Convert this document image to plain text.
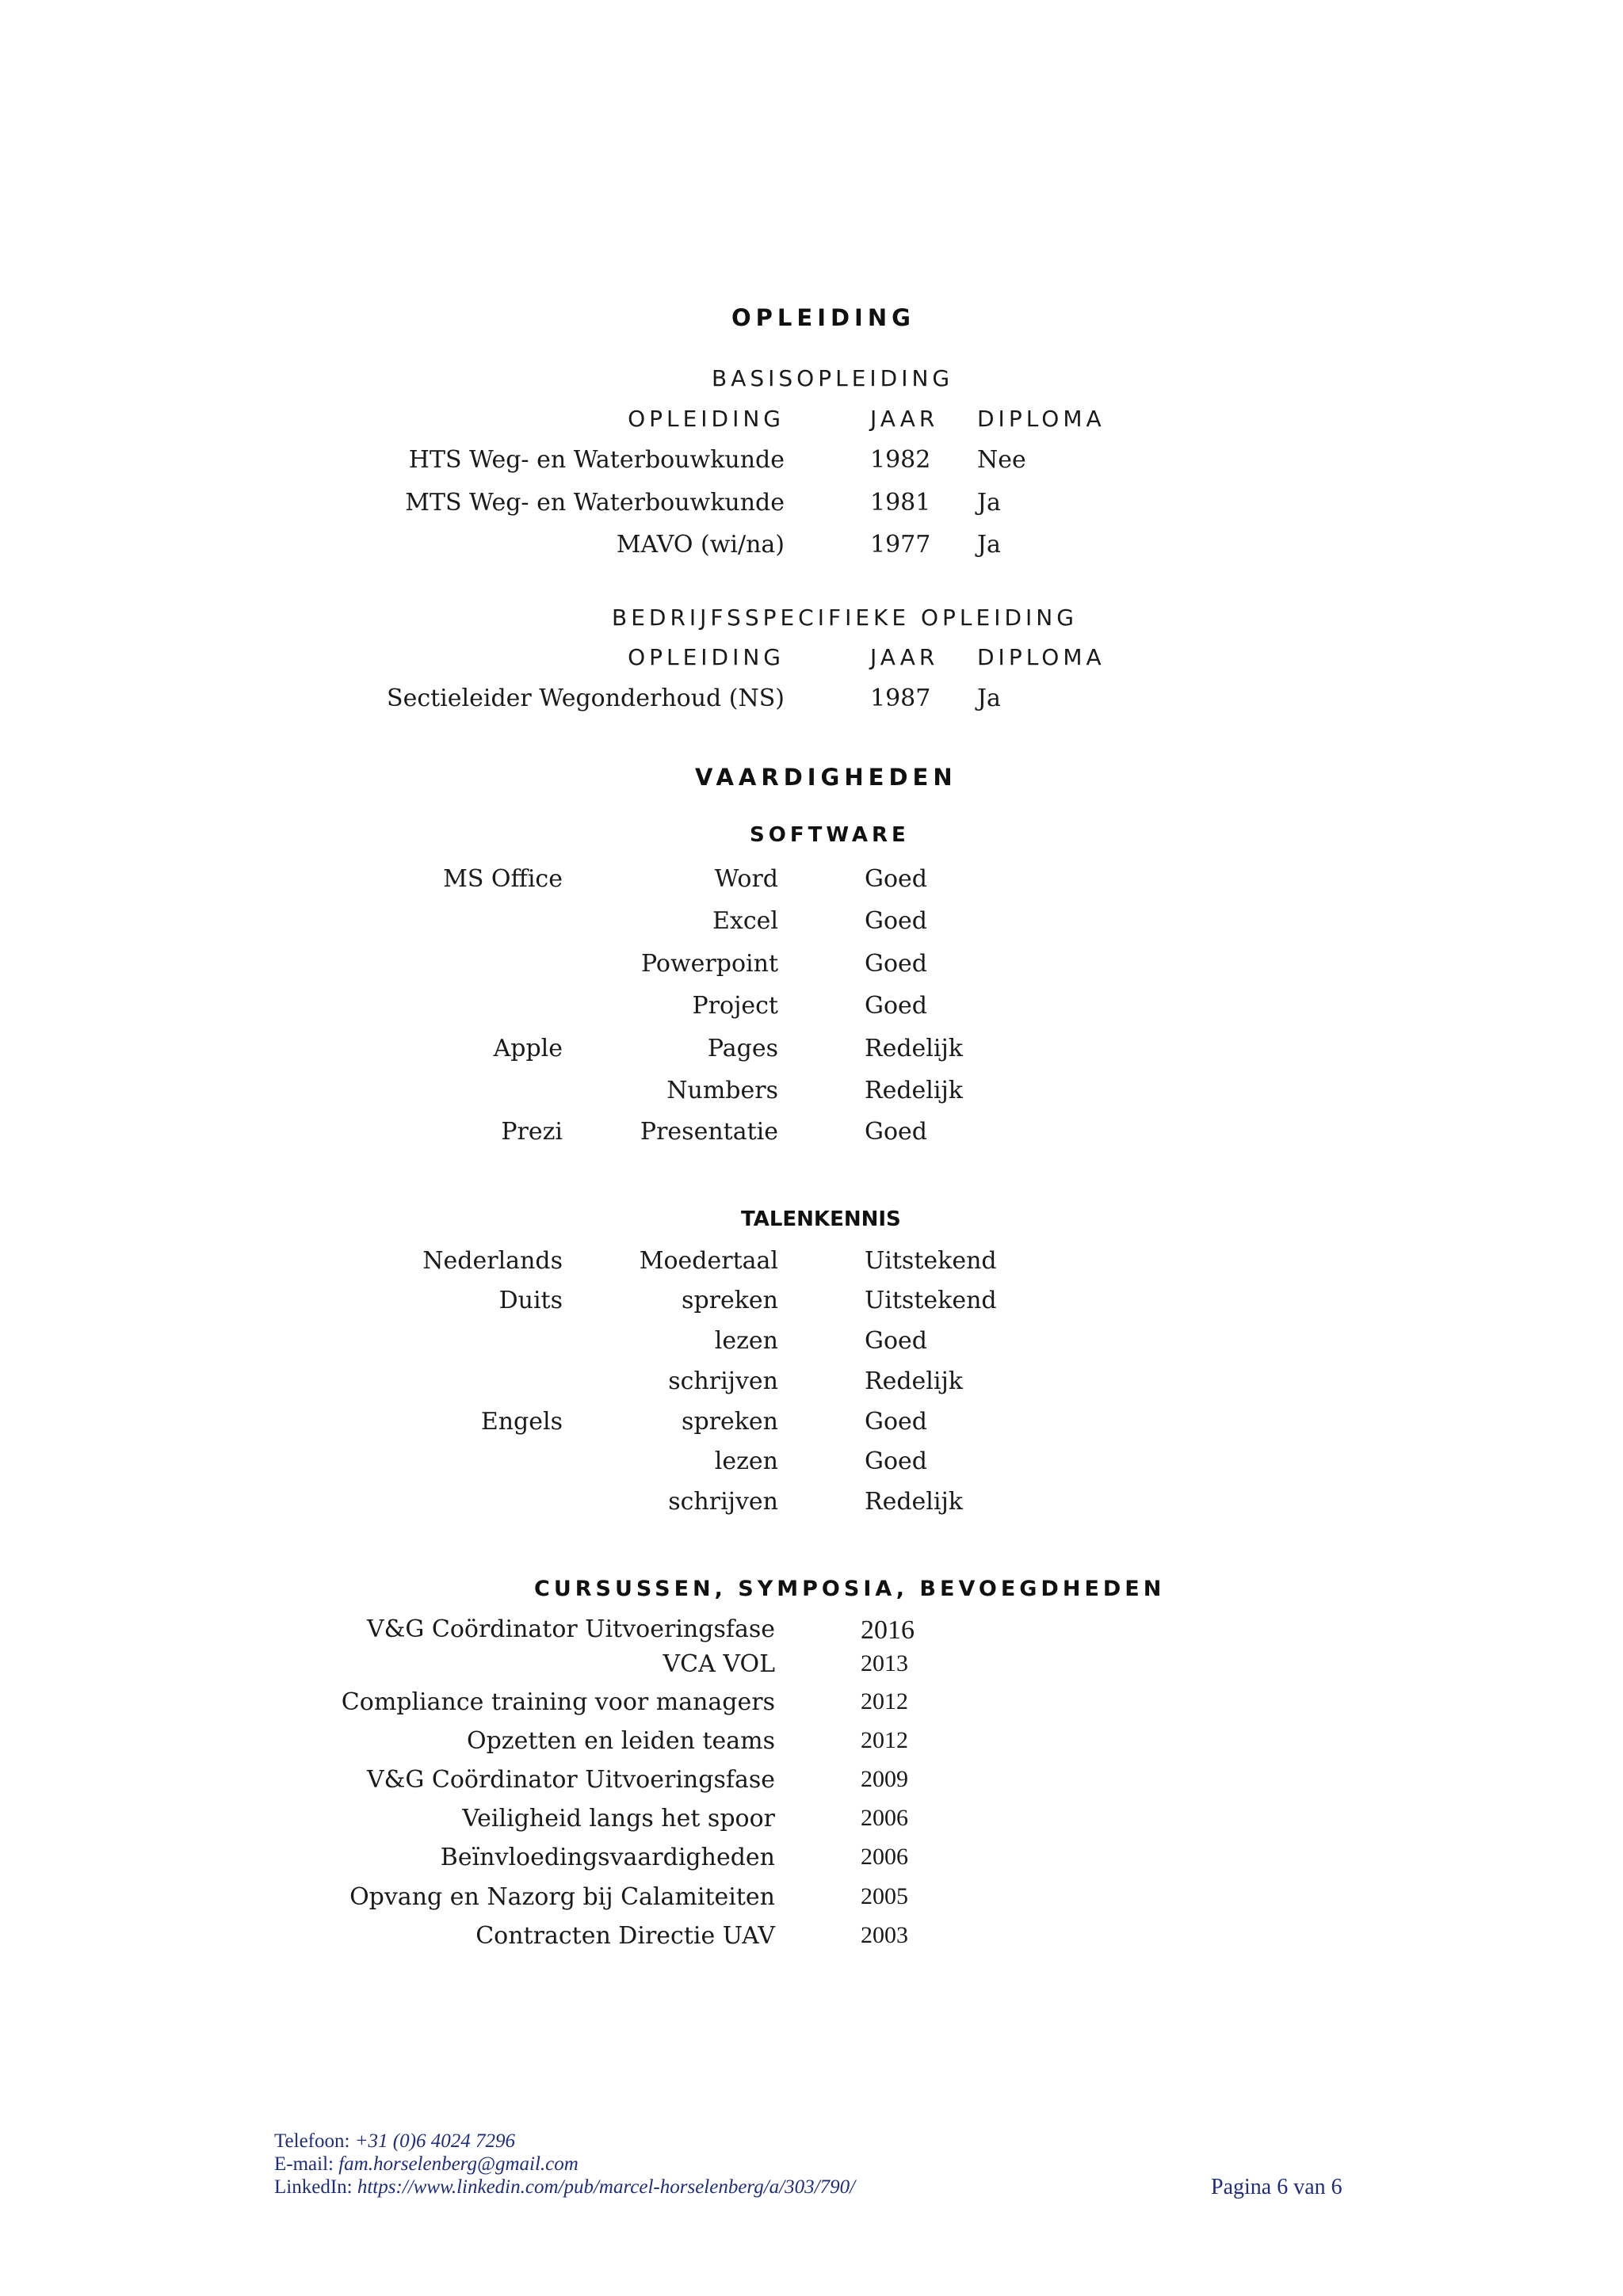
OPLEIDING
BASISOPLEIDING
OPLEIDING	JAAR DIPLOMA
HTS Weg- en Waterbouwkunde	1982 Nee
MTS Weg- en Waterbouwkunde	1981 Ja
MAVO (wi/na)	1977 Ja
BEDRIJFSSPECIFIEKE OPLEIDING
OPLEIDING	JAAR DIPLOMA
Sectieleider Wegonderhoud (NS)	1987 Ja
VAARDIGHEDEN
SOFTWARE
MS Office	Word	Goed
Excel	Goed
Powerpoint	Goed
Project	Goed
Apple	Pages	Redelijk
Numbers	Redelijk
Prezi	Presentatie	Goed
TALENKENNIS
Nederlands	Moedertaal	Uitstekend
Duits	spreken	Uitstekend
lezen	Goed
schrijven	Redelijk
Engels	spreken	Goed
lezen	Goed
schrijven	Redelijk
CURSUSSEN, SYMPOSIA, BEVOEGDHEDEN
V&G Coördinator Uitvoeringsfase	2016
VCA VOL	2013
Compliance training voor managers	2012
Opzetten en leiden teams	2012
V&G Coördinator Uitvoeringsfase	2009
Veiligheid langs het spoor	2006
Beïnvloedingsvaardigheden	2006
Opvang en Nazorg bij Calamiteiten	2005
Contracten Directie UAV	2003
Telefoon: +31 (0)6 4024 7296
E-mail: fam.horselenberg@gmail.com
LinkedIn: https://www.linkedin.com/pub/marcel-horselenberg/a/303/790/	Pagina 6 van 6
